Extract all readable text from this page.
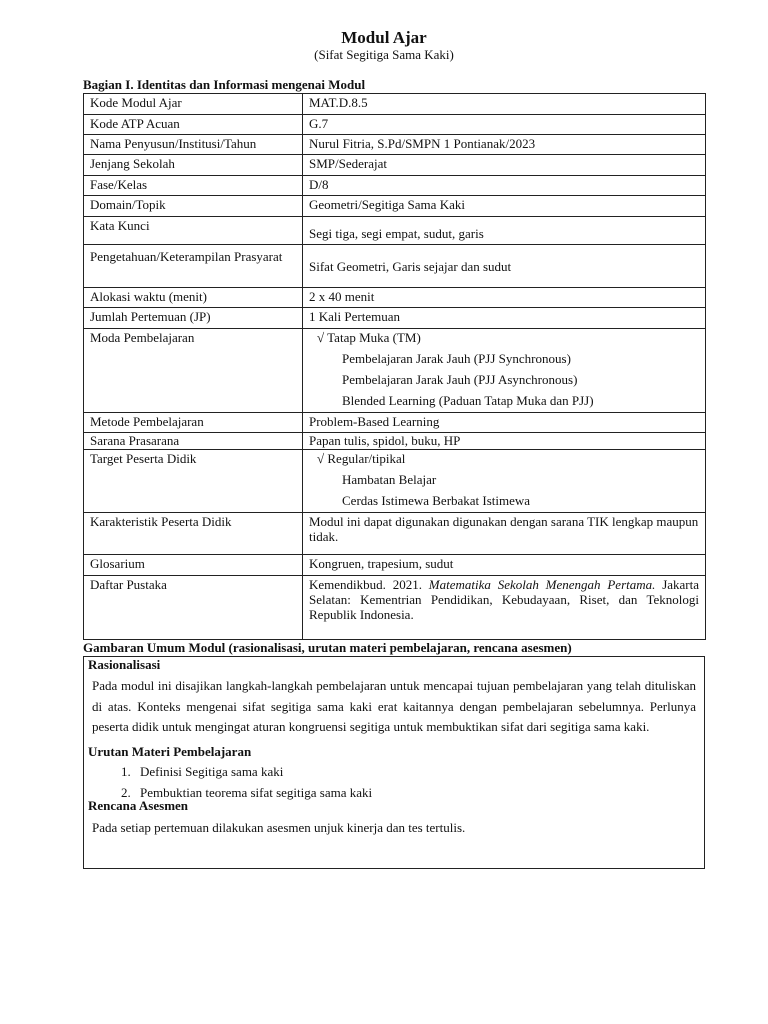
Modul Ajar
(Sifat Segitiga Sama Kaki)
Bagian I. Identitas dan Informasi mengenai Modul
Kode Modul Ajar	MAT.D.8.5
Kode ATP Acuan	G.7
Nama Penyusun/Institusi/Tahun	Nurul Fitria, S.Pd/SMPN 1 Pontianak/2023
Jenjang Sekolah	SMP/Sederajat
Fase/Kelas	D/8
Domain/Topik	Geometri/Segitiga Sama Kaki
Kata Kunci	Segi tiga, segi empat, sudut, garis
Pengetahuan/Keterampilan Prasyarat	Sifat Geometri, Garis sejajar dan sudut
Alokasi waktu (menit)	2 x 40 menit
Jumlah Pertemuan (JP)	1 Kali Pertemuan
Moda Pembelajaran	√ Tatap Muka (TM)
Pembelajaran Jarak Jauh (PJJ Synchronous)
Pembelajaran Jarak Jauh (PJJ Asynchronous)
Blended Learning (Paduan Tatap Muka dan PJJ)

Metode Pembelajaran	Problem-Based Learning
Sarana Prasarana	Papan tulis, spidol, buku, HP
Target Peserta Didik	√ Regular/tipikal
Hambatan Belajar
Cerdas Istimewa Berbakat Istimewa

Karakteristik Peserta Didik	Modul ini dapat digunakan digunakan dengan sarana TIK lengkap maupun tidak.
Glosarium	Kongruen, trapesium, sudut
Daftar Pustaka	Kemendikbud. 2021. Matematika Sekolah Menengah Pertama. Jakarta Selatan: Kementrian Pendidikan, Kebudayaan, Riset, dan Teknologi Republik Indonesia.
Gambaran Umum Modul (rasionalisasi, urutan materi pembelajaran, rencana asesmen)
Rasionalisasi

Pada modul ini disajikan langkah-langkah pembelajaran untuk mencapai tujuan pembelajaran yang telah dituliskan di atas. Konteks mengenai sifat segitiga sama kaki erat kaitannya dengan pembelajaran sebelumnya. Perlunya peserta didik untuk mengingat aturan kongruensi segitiga untuk membuktikan sifat dari segitiga sama kaki.

Urutan Materi Pembelajaran
1. Definisi Segitiga sama kaki
2. Pembuktian teorema sifat segitiga sama kaki
Rencana Asesmen
Pada setiap pertemuan dilakukan asesmen unjuk kinerja dan tes tertulis.
